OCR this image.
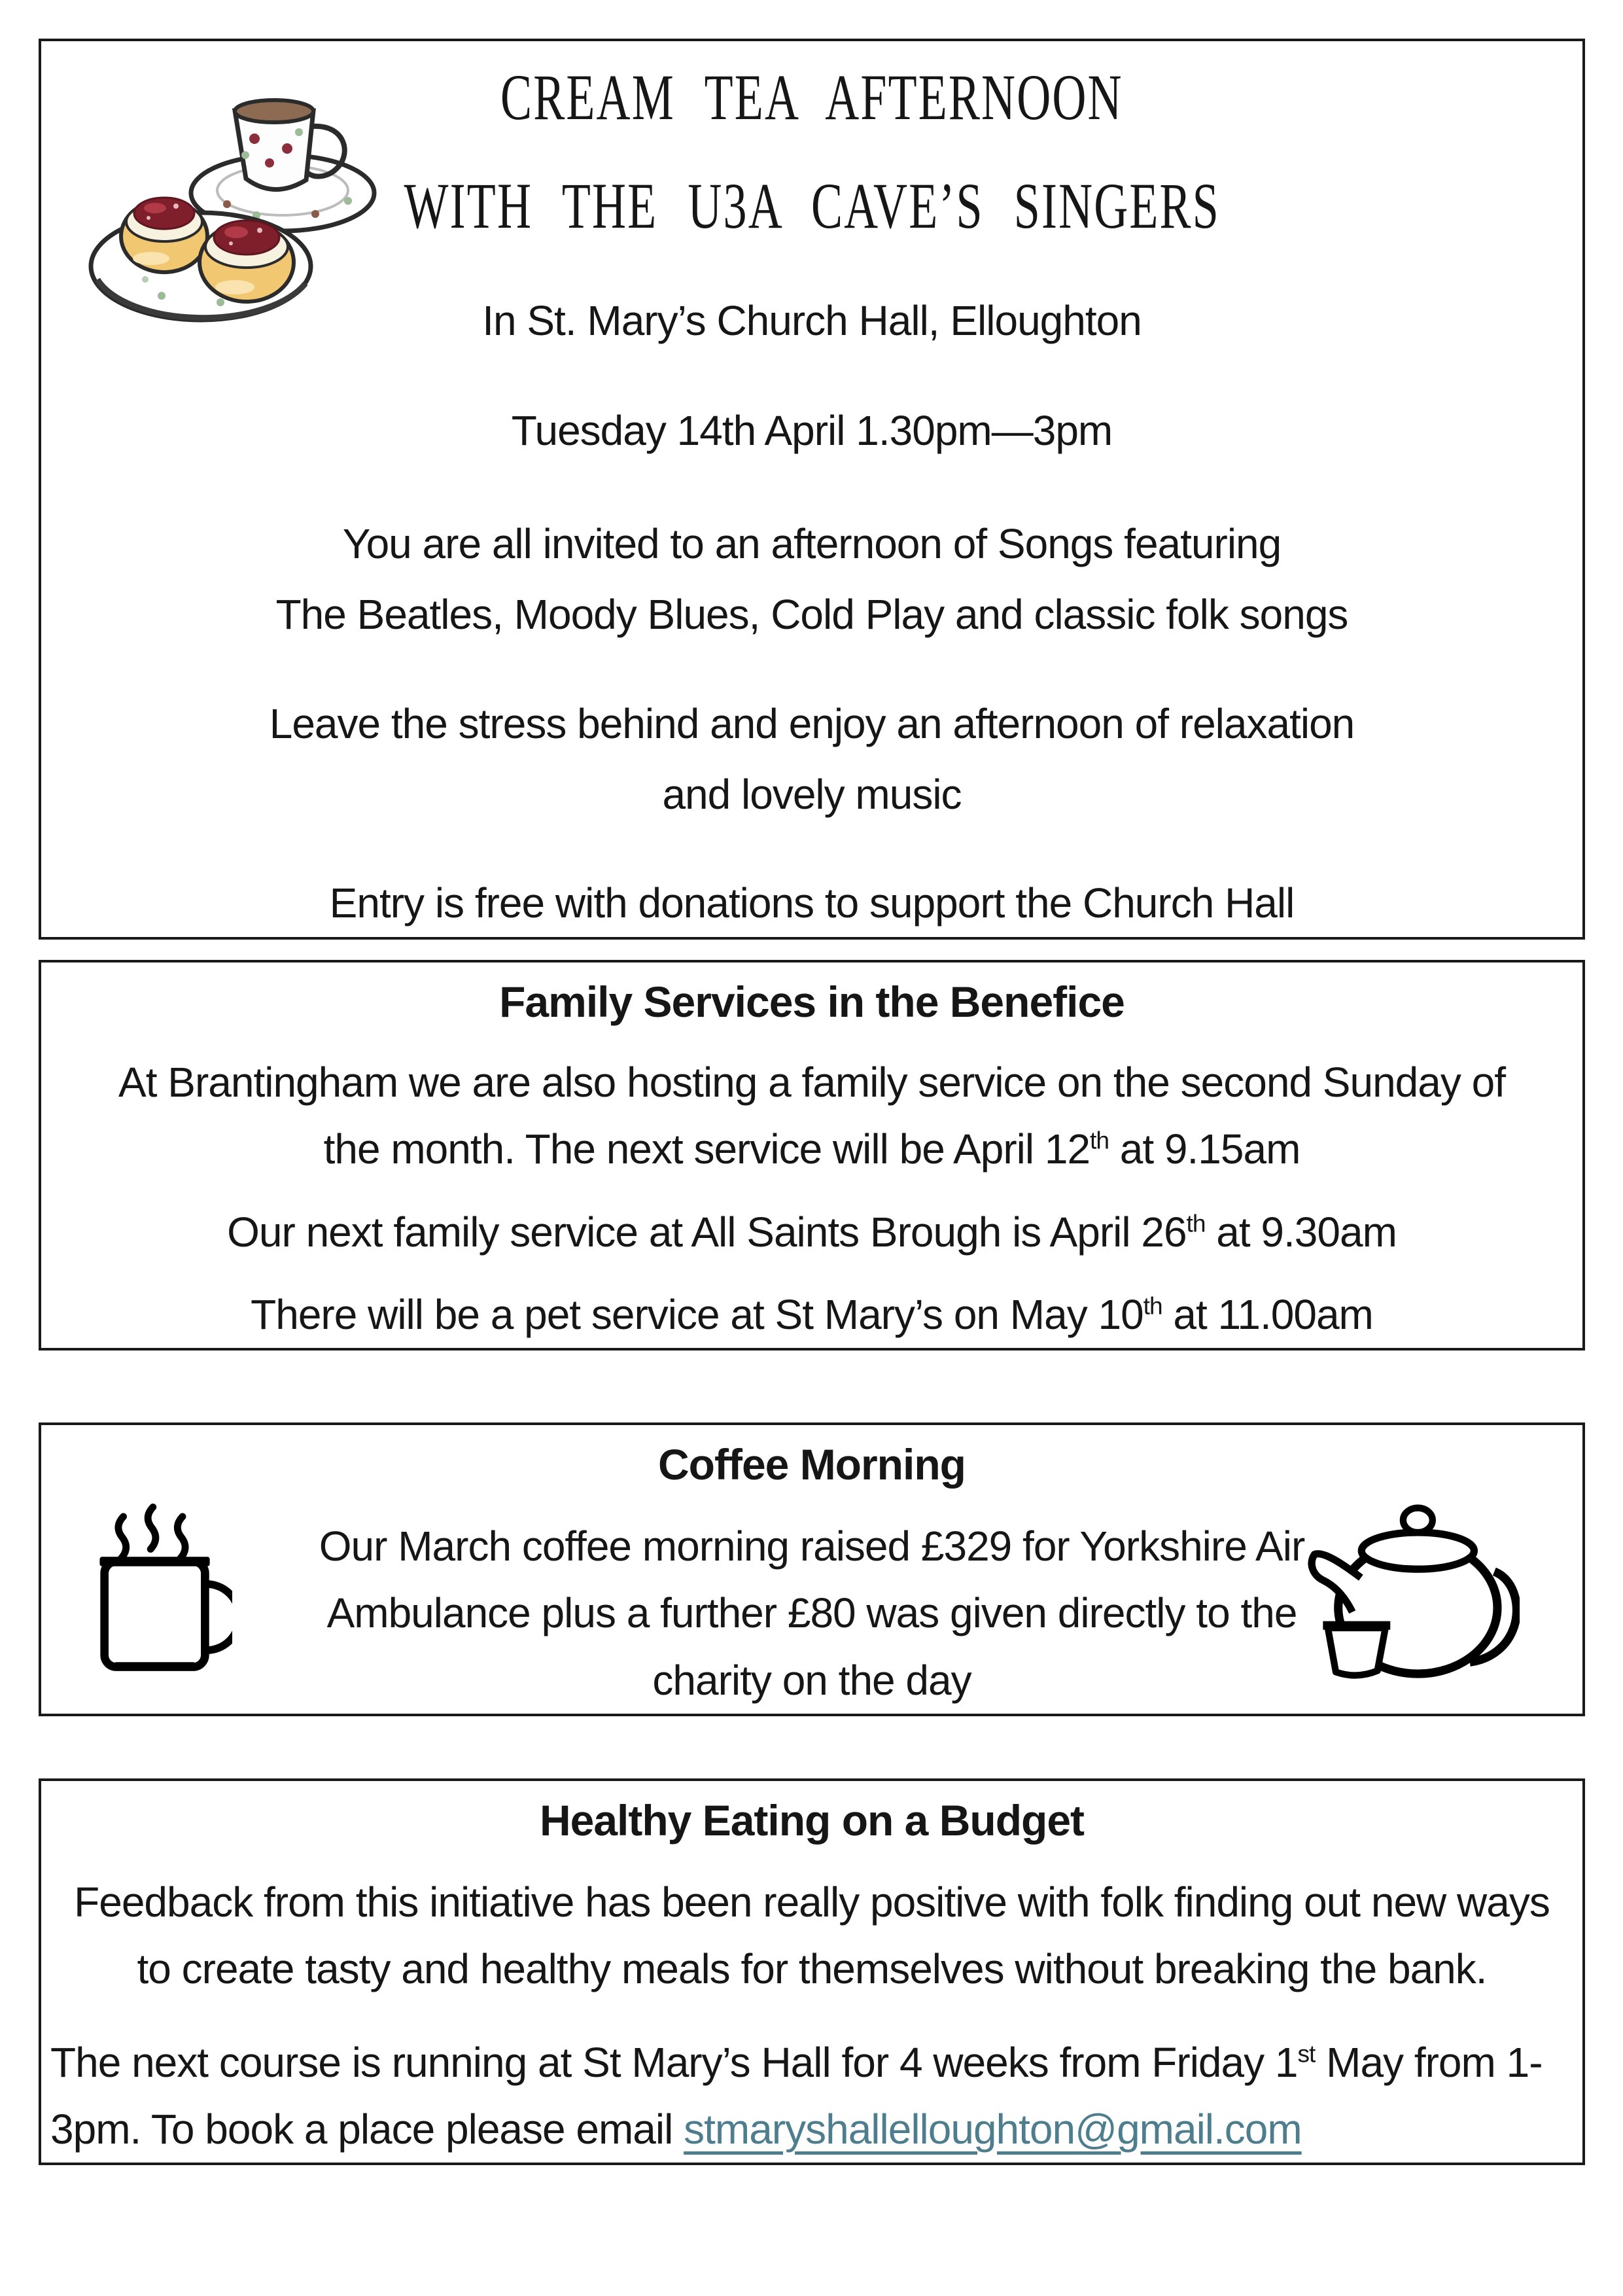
CREAM TEA AFTERNOON

WITH THE U3A CAVE’S SINGERS

In St. Mary’s Church Hall, Elloughton

Tuesday 14th April 1.30pm—3pm

You are all invited to an afternoon of Songs featuring

The Beatles, Moody Blues, Cold Play and classic folk songs

Leave the stress behind and enjoy an afternoon of relaxation

and lovely music

Entry is free with donations to support the Church Hall

Family Services in the Benefice

At Brantingham we are also hosting a family service on the second Sunday of the month. The next service will be April 12th at 9.15am

Our next family service at All Saints Brough is April 26th at 9.30am

There will be a pet service at St Mary’s on May 10th at 11.00am

Coffee Morning

Our March coffee morning raised £329 for Yorkshire Air Ambulance plus a further £80 was given directly to the charity on the day

Healthy Eating on a Budget

Feedback from this initiative has been really positive with folk finding out new ways to create tasty and healthy meals for themselves without breaking the bank.

The next course is running at St Mary’s Hall for 4 weeks from Friday 1st May from 1-3pm. To book a place please email stmaryshallelloughton@gmail.com
